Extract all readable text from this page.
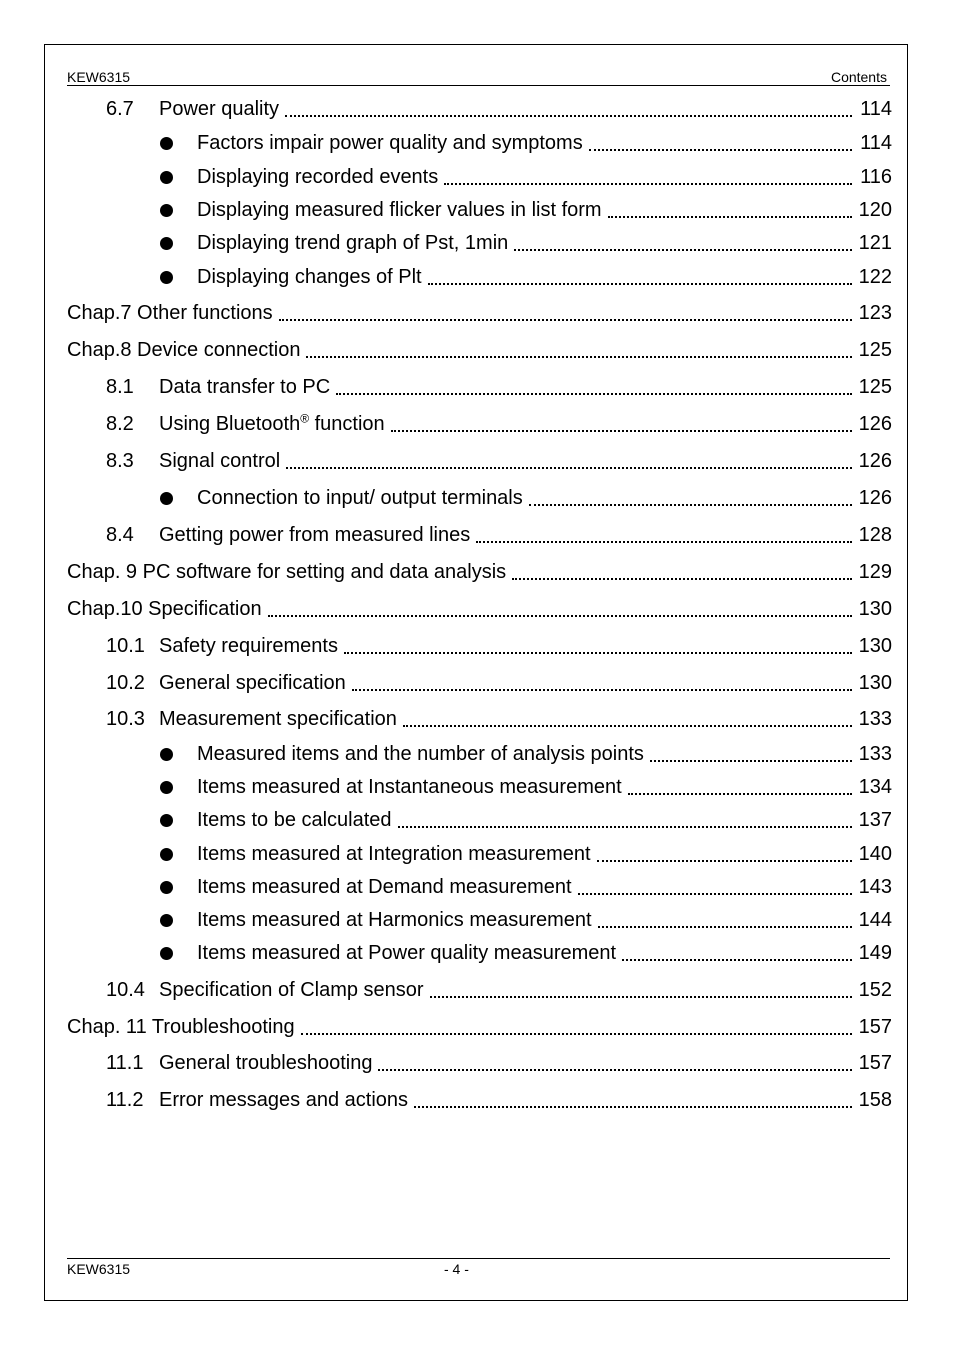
KEW6315	Contents
6.7 Power quality	114
Factors impair power quality and symptoms	114
Displaying recorded events	116
Displaying measured flicker values in list form	120
Displaying trend graph of Pst, 1min	121
Displaying changes of Plt	122
Chap.7 Other functions	123
Chap.8 Device connection	125
8.1 Data transfer to PC	125
8.2 Using Bluetooth® function	126
8.3 Signal control	126
Connection to input/ output terminals	126
8.4 Getting power from measured lines	128
Chap. 9 PC software for setting and data analysis	129
Chap.10 Specification	130
10.1 Safety requirements	130
10.2 General specification	130
10.3 Measurement specification	133
Measured items and the number of analysis points	133
Items measured at Instantaneous measurement	134
Items to be calculated	137
Items measured at Integration measurement	140
Items measured at Demand measurement	143
Items measured at Harmonics measurement	144
Items measured at Power quality measurement	149
10.4 Specification of Clamp sensor	152
Chap. 11 Troubleshooting	157
11.1 General troubleshooting	157
11.2 Error messages and actions	158
KEW6315	- 4 -
